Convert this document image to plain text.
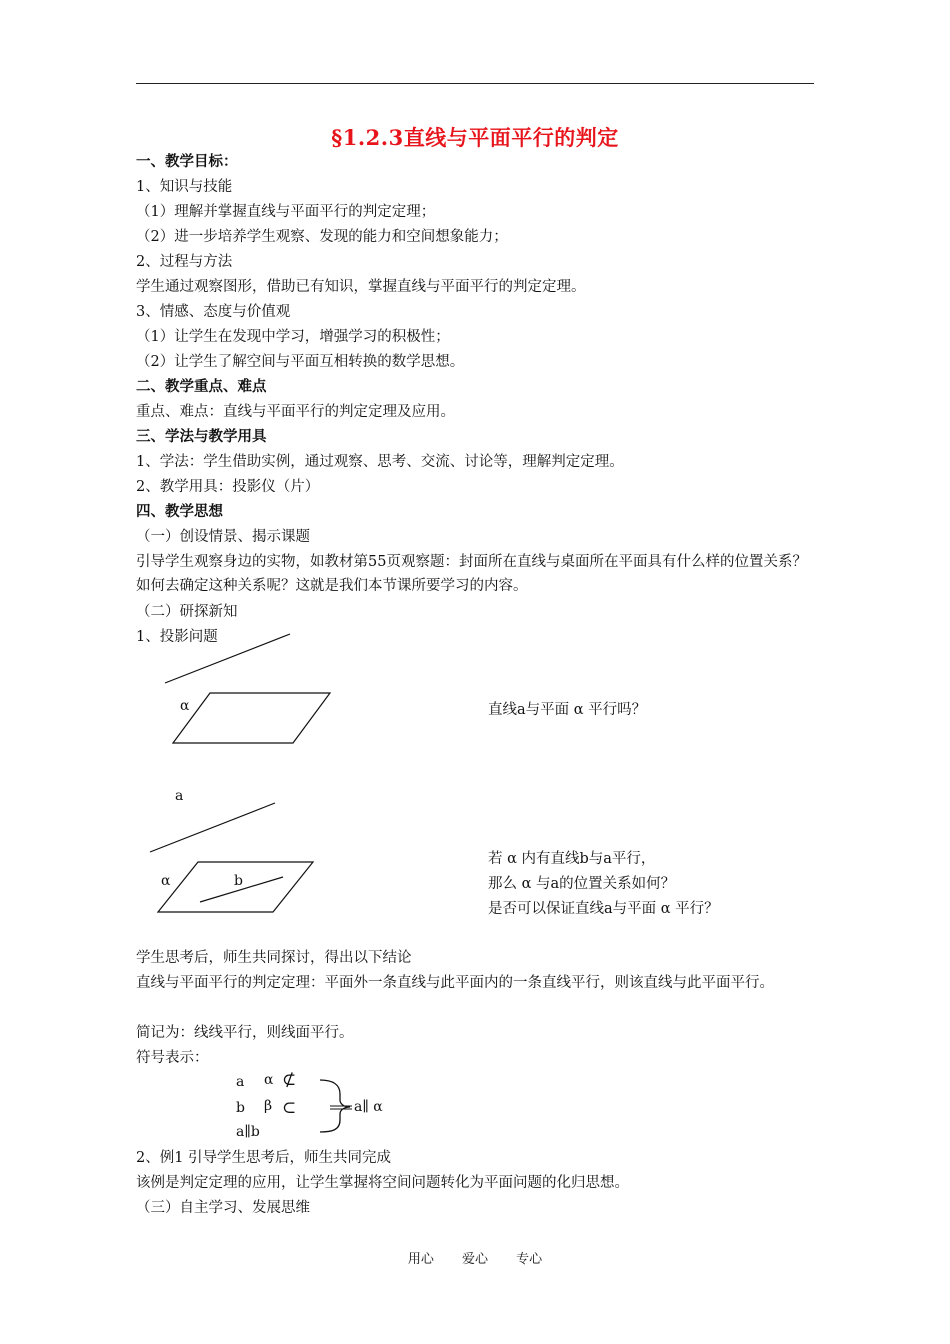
§1.2.3直线与平面平行的判定
一、教学目标：
1、知识与技能
（1）理解并掌握直线与平面平行的判定定理；
（2）进一步培养学生观察、发现的能力和空间想象能力；
2、过程与方法
学生通过观察图形，借助已有知识，掌握直线与平面平行的判定定理。
3、情感、态度与价值观
（1）让学生在发现中学习，增强学习的积极性；
（2）让学生了解空间与平面互相转换的数学思想。
二、教学重点、难点
重点、难点：直线与平面平行的判定定理及应用。
三、学法与教学用具
1、学法：学生借助实例，通过观察、思考、交流、讨论等，理解判定定理。
2、教学用具：投影仪（片）
四、教学思想
（一）创设情景、揭示课题
引导学生观察身边的实物，如教材第55页观察题：封面所在直线与桌面所在平面具有什么样的位置关系？如何去确定这种关系呢？这就是我们本节课所要学习的内容。
（二）研探新知
1、投影问题
α	直线a与平面 α 平行吗？
a
α	b
若 α 内有直线b与a平行，
那么 α 与a的位置关系如何？
是否可以保证直线a与平面 α 平行？
学生思考后，师生共同探讨，得出以下结论
直线与平面平行的判定定理：平面外一条直线与此平面内的一条直线平行，则该直线与此平面平行。
简记为：线线平行，则线面平行。
符号表示：
a α ⊄
b β ⊂
a∥b
a∥ α
2、例1 引导学生思考后，师生共同完成
该例是判定定理的应用，让学生掌握将空间问题转化为平面问题的化归思想。
（三）自主学习、发展思维
用心 爱心 专心
